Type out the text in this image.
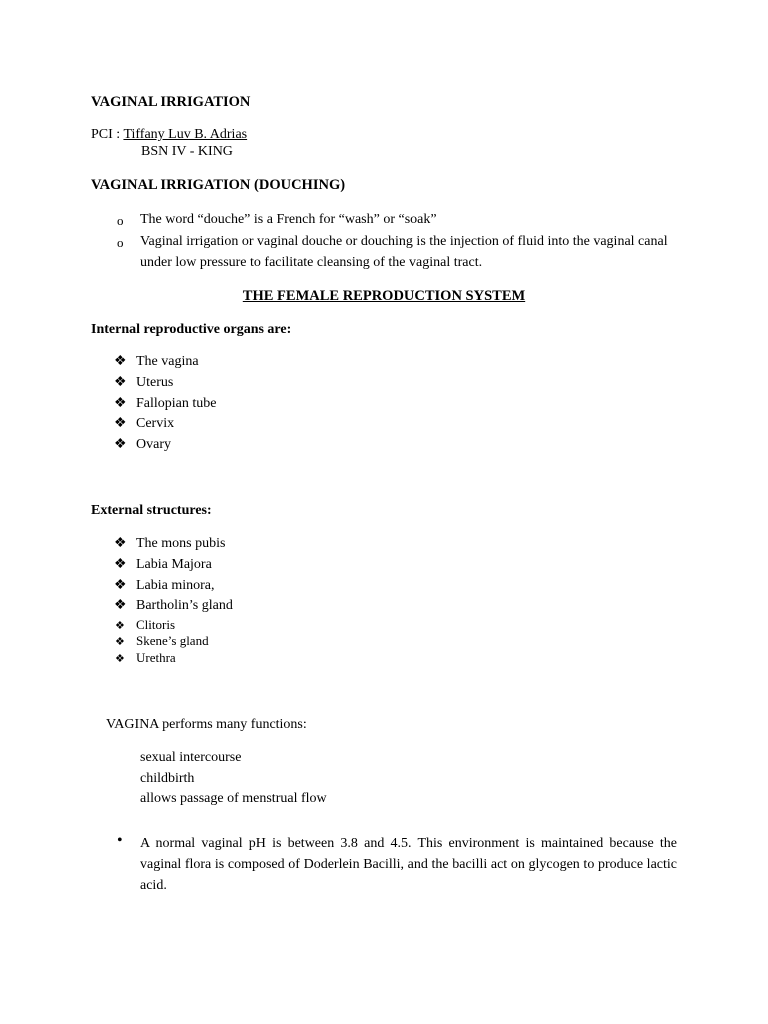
VAGINAL IRRIGATION
PCI : Tiffany Luv B. Adrias
BSN IV - KING
VAGINAL IRRIGATION (DOUCHING)
o The word “douche” is a French for “wash” or “soak”
o Vaginal irrigation or vaginal douche or douching is the injection of fluid into the vaginal canal under low pressure to facilitate cleansing of the vaginal tract.
THE FEMALE REPRODUCTION SYSTEM
Internal reproductive organs are:
❖ The vagina
❖ Uterus
❖ Fallopian tube
❖ Cervix
❖ Ovary
External structures:
❖ The mons pubis
❖ Labia Majora
❖ Labia minora,
❖ Bartholin’s gland
❖ Clitoris
❖ Skene’s gland
❖ Urethra
VAGINA performs many functions:
sexual intercourse
childbirth
allows passage of menstrual flow
• A normal vaginal pH is between 3.8 and 4.5. This environment is maintained because the vaginal flora is composed of Doderlein Bacilli, and the bacilli act on glycogen to produce lactic acid.
